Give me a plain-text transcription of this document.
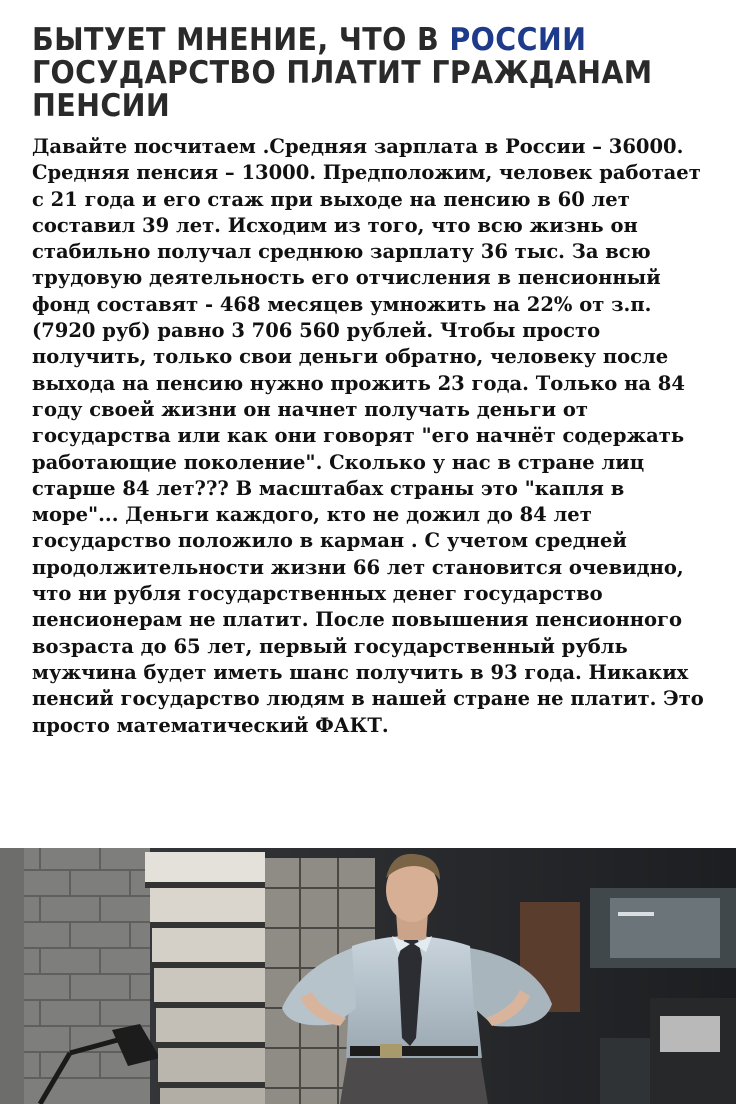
БЫТУЕТ МНЕНИЕ, ЧТО В РОССИИ ГОСУДАРСТВО ПЛАТИТ ГРАЖДАНАМ ПЕНСИИ

Давайте посчитаем .Средняя зарплата в России – 36000. Средняя пенсия – 13000. Предположим, человек работает с 21 года и его стаж при выходе на пенсию в 60 лет составил 39 лет. Исходим из того, что всю жизнь он стабильно получал среднюю зарплату 36 тыс. За всю трудовую деятельность его отчисления в пенсионный фонд составят - 468 месяцев умножить на 22% от з.п. (7920 руб) равно 3 706 560 рублей. Чтобы просто получить, только свои деньги обратно, человеку после выхода на пенсию нужно прожить 23 года. Только на 84 году своей жизни он начнет получать деньги от государства или как они говорят "его начнёт содержать работающие поколение". Сколько у нас в стране лиц старше 84 лет??? В масштабах страны это "капля в море"... Деньги каждого, кто не дожил до 84 лет государство положило в карман . С учетом средней продолжительности жизни 66 лет становится очевидно, что ни рубля государственных денег государство пенсионерам не платит. После повышения пенсионного возраста до 65 лет, первый государственный рубль мужчина будет иметь шанс получить в 93 года. Никаких пенсий государство людям в нашей стране не платит. Это просто математический ФАКТ.
